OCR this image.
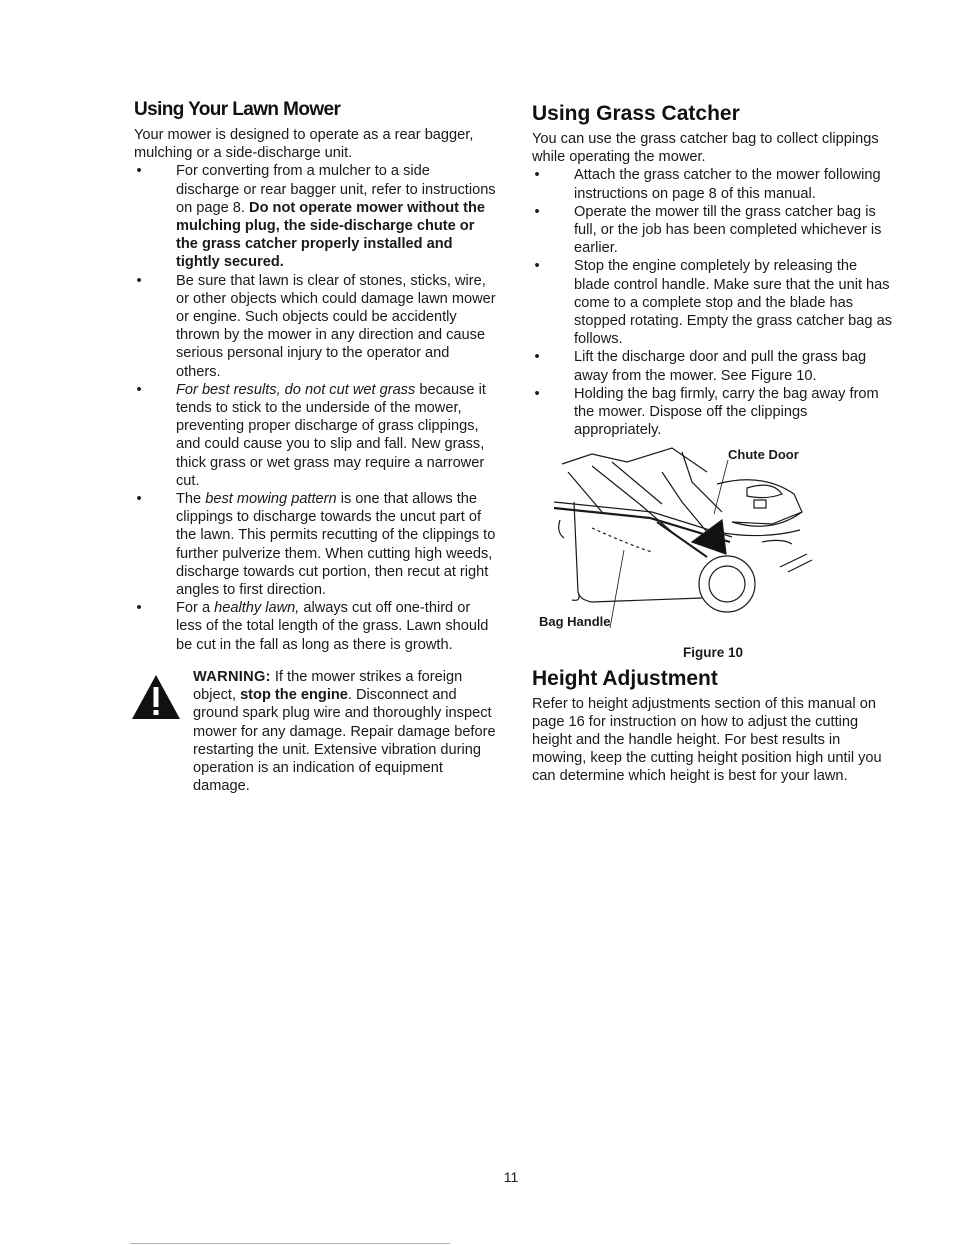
Using Your Lawn Mower

Your mower is designed to operate as a rear bagger, mulching or a side-discharge unit.

• For converting from a mulcher to a side discharge or rear bagger unit, refer to instructions on page 8. Do not operate mower without the mulching plug, the side-discharge chute or the grass catcher properly installed and tightly secured.
• Be sure that lawn is clear of stones, sticks, wire, or other objects which could damage lawn mower or engine. Such objects could be accidently thrown by the mower in any direction and cause serious personal injury to the operator and others.
• For best results, do not cut wet grass because it tends to stick to the underside of the mower, preventing proper discharge of grass clippings, and could cause you to slip and fall. New grass, thick grass or wet grass may require a narrower cut.
• The best mowing pattern is one that allows the clippings to discharge towards the uncut part of the lawn. This permits recutting of the clippings to further pulverize them. When cutting high weeds, discharge towards cut portion, then recut at right angles to first direction.
• For a healthy lawn, always cut off one-third or less of the total length of the grass. Lawn should be cut in the fall as long as there is growth.
WARNING: If the mower strikes a foreign object, stop the engine. Disconnect and ground spark plug wire and thoroughly inspect mower for any damage. Repair damage before restarting the unit. Extensive vibration during operation is an indication of equipment damage.
Using Grass Catcher

You can use the grass catcher bag to collect clippings while operating the mower.

• Attach the grass catcher to the mower following instructions on page 8 of this manual.
• Operate the mower till the grass catcher bag is full, or the job has been completed whichever is earlier.
• Stop the engine completely by releasing the blade control handle. Make sure that the unit has come to a complete stop and the blade has stopped rotating. Empty the grass catcher bag as follows.
• Lift the discharge door and pull the grass bag away from the mower. See Figure 10.
• Holding the bag firmly, carry the bag away from the mower. Dispose off the clippings appropriately.
Chute Door
Bag Handle
Figure 10
Height Adjustment

Refer to height adjustments section of this manual on page 16 for instruction on how to adjust the cutting height and the handle height. For best results in mowing, keep the cutting height position high until you can determine which height is best for your lawn.

11
